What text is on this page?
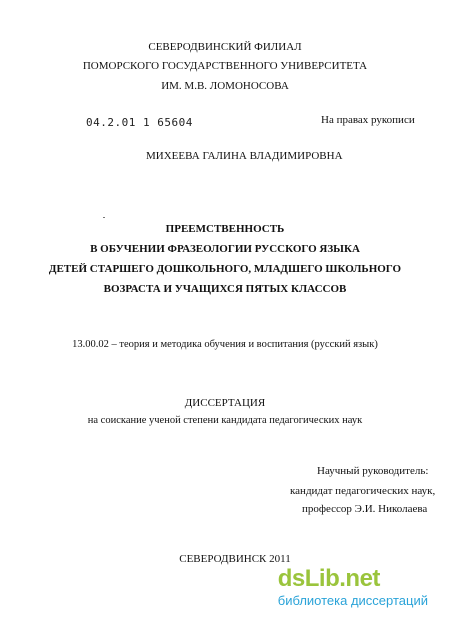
СЕВЕРОДВИНСКИЙ ФИЛИАЛ
ПОМОРСКОГО ГОСУДАРСТВЕННОГО УНИВЕРСИТЕТА
ИМ. М.В. ЛОМОНОСОВА
04.2.01 1 65604	На правах рукописи
МИХЕЕВА ГАЛИНА ВЛАДИМИРОВНА
ПРЕЕМСТВЕННОСТЬ
В ОБУЧЕНИИ ФРАЗЕОЛОГИИ РУССКОГО ЯЗЫКА
ДЕТЕЙ СТАРШЕГО ДОШКОЛЬНОГО, МЛАДШЕГО ШКОЛЬНОГО
ВОЗРАСТА И УЧАЩИХСЯ ПЯТЫХ КЛАССОВ
13.00.02 – теория и методика обучения и воспитания (русский язык)
ДИССЕРТАЦИЯ
на соискание ученой степени кандидата педагогических наук
Научный руководитель:
кандидат педагогических наук,
профессор Э.И. Николаева
СЕВЕРОДВИНСК 2011
dsLib.net
библиотека диссертаций
